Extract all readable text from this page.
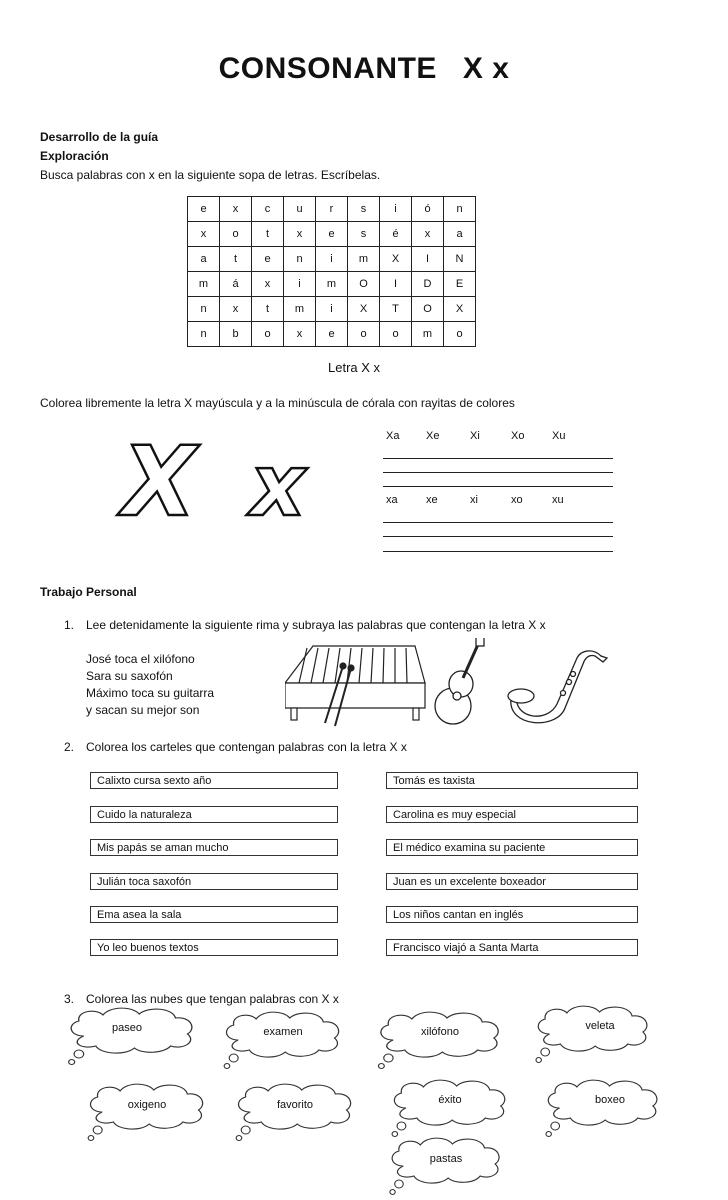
CONSONANTE X x
Desarrollo de la guía
Exploración
Busca palabras con x en la siguiente sopa de letras. Escríbelas.
e	x	c	u	r	s	i	ó	n
x	o	t	x	e	s	é	x	a
a	t	e	n	i	m	X	I	N
m	á	x	i	m	O	I	D	E
n	x	t	m	i	X	T	O	X
n	b	o	x	e	o	o	m	o
Letra X x
Colorea libremente la letra X mayúscula y a la minúscula de córala con rayitas de colores
X x	Xa Xe	Xi	Xo	Xu
xa	xe	xi	xo	xu
Trabajo Personal
1. Lee detenidamente la siguiente rima y subraya las palabras que contengan la letra X x
José toca el xilófono
Sara su saxofón
Máximo toca su guitarra
y sacan su mejor son
2. Colorea los carteles que contengan palabras con la letra X x
Calixto cursa sexto año
Cuido la naturaleza
Mis papás se aman mucho
Julián toca saxofón
Ema asea la sala
Yo leo buenos textos
Tomás es taxista
Carolina es muy especial
El médico examina su paciente
Juan es un excelente boxeador
Los niños cantan en inglés
Francisco viajó a Santa Marta
3. Colorea las nubes que tengan palabras con X x
paseo	examen	xilófono	veleta
oxigeno	favorito	éxito	boxeo
pastas
